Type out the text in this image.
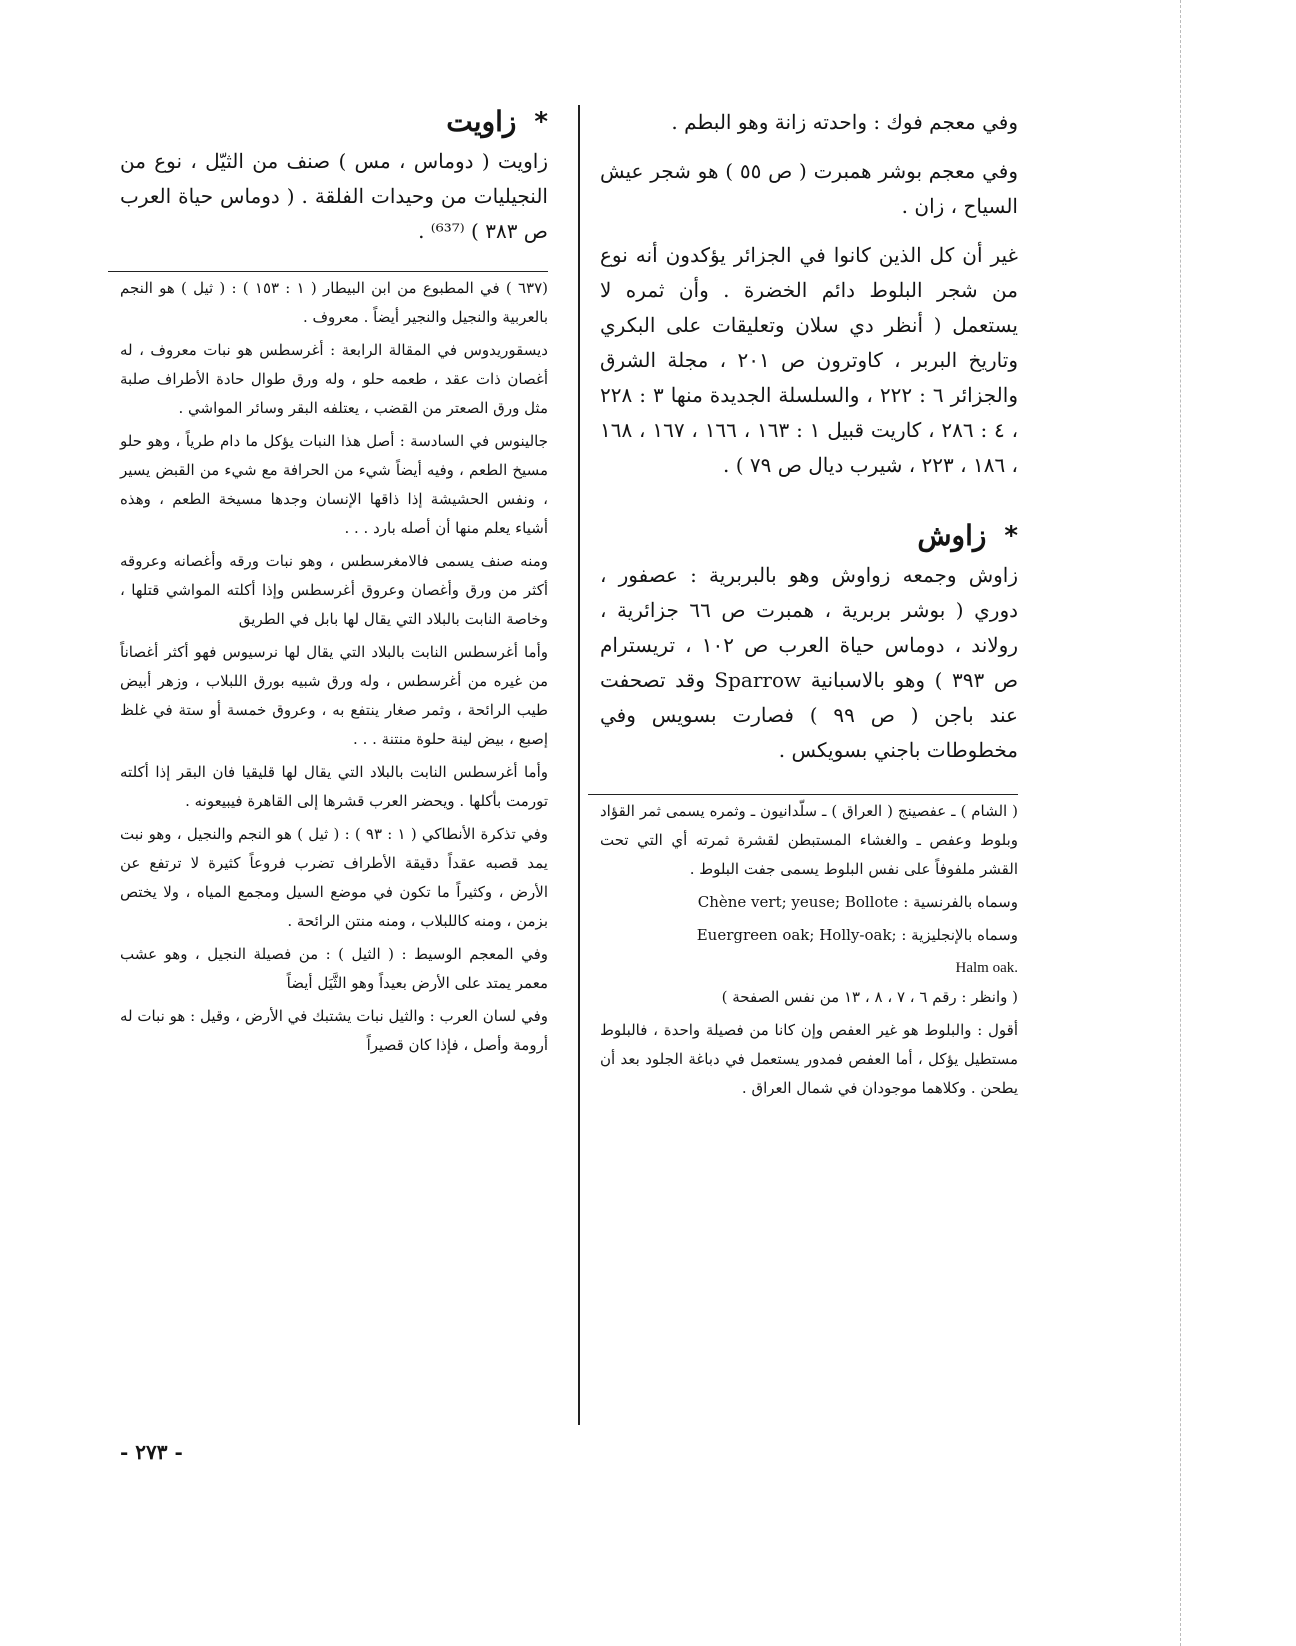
وفي معجم فوك : واحدته زانة وهو البطم .

وفي معجم بوشر همبرت ( ص ٥٥ ) هو شجر عيش السياح ، زان .

غير أن كل الذين كانوا في الجزائر يؤكدون أنه نوع من شجر البلوط دائم الخضرة . وأن ثمره لا يستعمل ( أنظر دي سلان وتعليقات على البكري وتاريخ البربر ، كاوترون ص ٢٠١ ، مجلة الشرق والجزائر ٦ : ٢٢٢ ، والسلسلة الجديدة منها ٣ : ٢٢٨ ، ٤ : ٢٨٦ ، كاريت قبيل ١ : ١٦٣ ، ١٦٦ ، ١٦٧ ، ١٦٨ ، ١٨٦ ، ٢٢٣ ، شيرب ديال ص ٧٩ ) .

*
زاوش

زاوش وجمعه زواوش وهو بالبربرية : عصفور ، دوري ( بوشر بربرية ، همبرت ص ٦٦ جزائرية ، رولاند ، دوماس حياة العرب ص ١٠٢ ، تريسترام ص ٣٩٣ ) وهو بالاسبانية Sparrow وقد تصحفت عند باجن ( ص ٩٩ ) فصارت بسويس وفي مخطوطات باجني بسويكس .

( الشام ) ـ عفصينج ( العراق ) ـ سلّدانيون ـ وثمره يسمى ثمر القؤاد وبلوط وعفص ـ والغشاء المستبطن لقشرة ثمرته أي التي تحت القشر ملفوفاً على نفس البلوط يسمى جفت البلوط .

وسماه بالفرنسية : Chène vert; yeuse; Bollote

وسماه بالإنجليزية : ;Euergreen oak; Holly-oak

Halm oak.

( وانظر : رقم ٦ ، ٧ ، ٨ ، ١٣ من نفس الصفحة )

أقول : والبلوط هو غير العفص وإن كانا من فصيلة واحدة ، فالبلوط مستطيل يؤكل ، أما العفص فمدور يستعمل في دباغة الجلود بعد أن يطحن . وكلاهما موجودان في شمال العراق .

*
زاويت

زاويت ( دوماس ، مس ) صنف من الثيّل ، نوع من النجيليات من وحيدات الفلقة . ( دوماس حياة العرب ص ٣٨٣ ) ⁽⁶³⁷⁾ .

(٦٣٧ ) في المطبوع من ابن البيطار ( ١ : ١٥٣ ) : ( ثيل ) هو النجم بالعربية والنجيل والنجير أيضاً . معروف .

ديسقوريدوس في المقالة الرابعة : أغرسطس هو نبات معروف ، له أغصان ذات عقد ، طعمه حلو ، وله ورق طوال حادة الأطراف صلبة مثل ورق الصعتر من القضب ، يعتلفه البقر وسائر المواشي .

جالينوس في السادسة : أصل هذا النبات يؤكل ما دام طرياً ، وهو حلو مسيخ الطعم ، وفيه أيضاً شيء من الحرافة مع شيء من القبض يسير ، ونفس الحشيشة إذا ذاقها الإنسان وجدها مسيخة الطعم ، وهذه أشياء يعلم منها أن أصله بارد . . .

ومنه صنف يسمى فالامغرسطس ، وهو نبات ورقه وأغصانه وعروقه أكثر من ورق وأغصان وعروق أغرسطس وإذا أكلته المواشي قتلها ، وخاصة النابت بالبلاد التي يقال لها بابل في الطريق

وأما أغرسطس النابت بالبلاد التي يقال لها نرسيوس فهو أكثر أغصاناً من غيره من أغرسطس ، وله ورق شبيه بورق اللبلاب ، وزهر أبيض طيب الرائحة ، وثمر صغار ينتفع به ، وعروق خمسة أو ستة في غلظ إصبع ، بيض لينة حلوة منتنة . . .

وأما أغرسطس النابت بالبلاد التي يقال لها قليقيا فان البقر إذا أكلته تورمت بأكلها . ويحضر العرب قشرها إلى القاهرة فيبيعونه .

وفي تذكرة الأنطاكي ( ١ : ٩٣ ) : ( ثيل ) هو النجم والنجيل ، وهو نبت يمد قصبه عقداً دقيقة الأطراف تضرب فروعاً كثيرة لا ترتفع عن الأرض ، وكثيراً ما تكون في موضع السيل ومجمع المياه ، ولا يختص بزمن ، ومنه كاللبلاب ، ومنه منتن الرائحة .

وفي المعجم الوسيط : ( الثيل ) : من فصيلة النجيل ، وهو عشب معمر يمتد على الأرض بعيداً وهو الثَّيَل أيضاً

وفي لسان العرب : والثيل نبات يشتبك في الأرض ، وقيل : هو نبات له أرومة وأصل ، فإذا كان قصيراً

- ٢٧٣ -
